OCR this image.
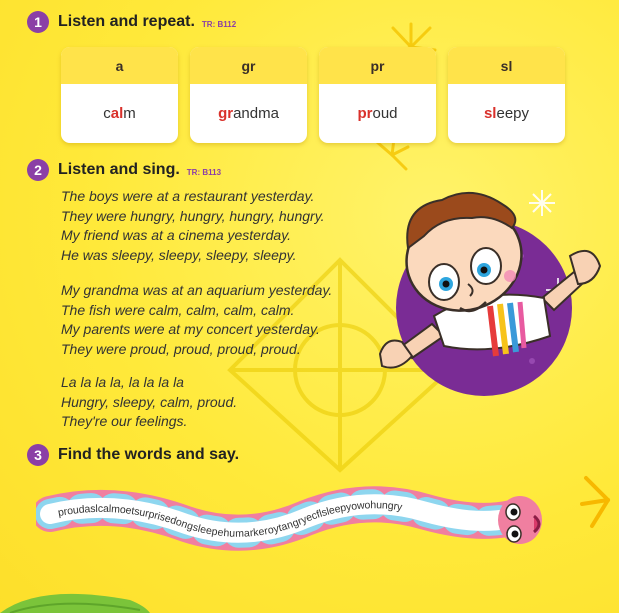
1	Listen and repeat. TR: B112
a
c al m
gr
gr andma
pr
pr oud
sl
sl eepy
2	Listen and sing. TR: B113
The boys were at a restaurant yesterday.
They were hungry, hungry, hungry, hungry.
My friend was at a cinema yesterday.
He was sleepy, sleepy, sleepy, sleepy.
My grandma was at an aquarium yesterday.
The fish were calm, calm, calm, calm.
My parents were at my concert yesterday.
They were proud, proud, proud, proud.
La la la la, la la la la
Hungry, sleepy, calm, proud.
They're our feelings.
3	Find the words and say.
proudaslcalmoetsurprisedongsleepehumarkeroytangryecflsleepyowohungry
